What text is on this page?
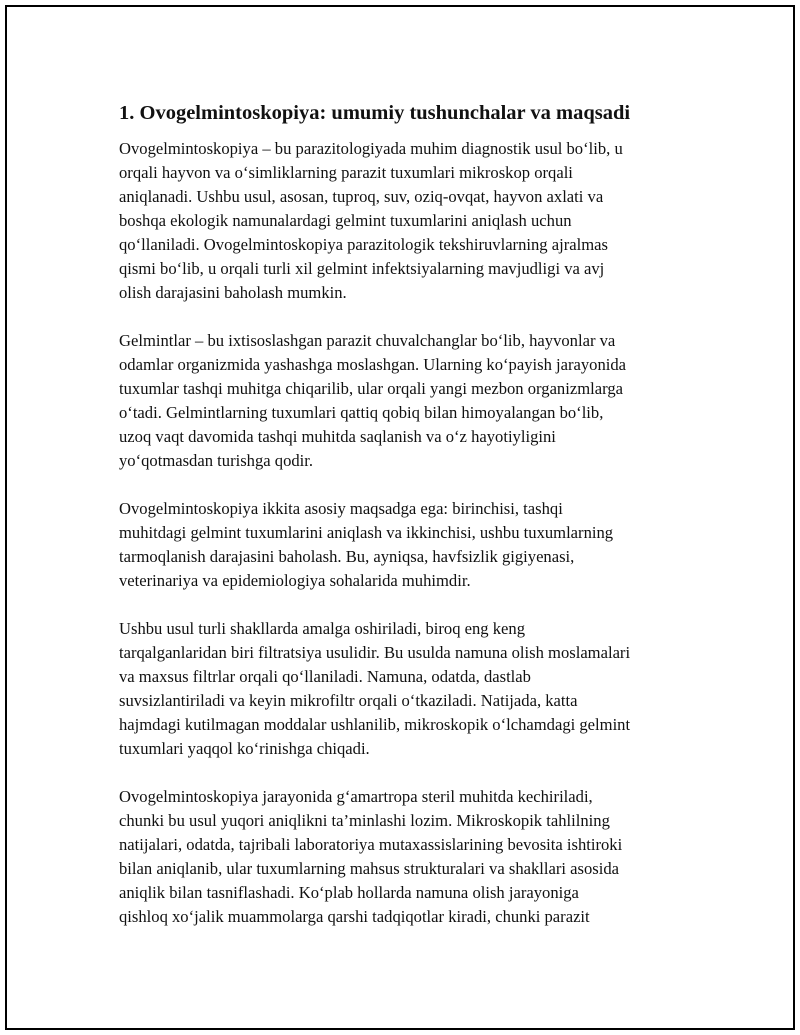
1. Ovogelmintoskopiya: umumiy tushunchalar va maqsadi

Ovogelmintoskopiya – bu parazitologiyada muhim diagnostik usul bo‘lib, u
orqali hayvon va o‘simliklarning parazit tuxumlari mikroskop orqali
aniqlanadi. Ushbu usul, asosan, tuproq, suv, oziq-ovqat, hayvon axlati va
boshqa ekologik namunalardagi gelmint tuxumlarini aniqlash uchun
qo‘llaniladi. Ovogelmintoskopiya parazitologik tekshiruvlarning ajralmas
qismi bo‘lib, u orqali turli xil gelmint infektsiyalarning mavjudligi va avj
olish darajasini baholash mumkin.

Gelmintlar – bu ixtisoslashgan parazit chuvalchanglar bo‘lib, hayvonlar va
odamlar organizmida yashashga moslashgan. Ularning ko‘payish jarayonida
tuxumlar tashqi muhitga chiqarilib, ular orqali yangi mezbon organizmlarga
o‘tadi. Gelmintlarning tuxumlari qattiq qobiq bilan himoyalangan bo‘lib,
uzoq vaqt davomida tashqi muhitda saqlanish va o‘z hayotiyligini
yo‘qotmasdan turishga qodir.

Ovogelmintoskopiya ikkita asosiy maqsadga ega: birinchisi, tashqi
muhitdagi gelmint tuxumlarini aniqlash va ikkinchisi, ushbu tuxumlarning
tarmoqlanish darajasini baholash. Bu, ayniqsa, havfsizlik gigiyenasi,
veterinariya va epidemiologiya sohalarida muhimdir.

Ushbu usul turli shakllarda amalga oshiriladi, biroq eng keng
tarqalganlaridan biri filtratsiya usulidir. Bu usulda namuna olish moslamalari
va maxsus filtrlar orqali qo‘llaniladi. Namuna, odatda, dastlab
suvsizlantiriladi va keyin mikrofiltr orqali o‘tkaziladi. Natijada, katta
hajmdagi kutilmagan moddalar ushlanilib, mikroskopik o‘lchamdagi gelmint
tuxumlari yaqqol ko‘rinishga chiqadi.

Ovogelmintoskopiya jarayonida g‘amartropa steril muhitda kechiriladi,
chunki bu usul yuqori aniqlikni ta’minlashi lozim. Mikroskopik tahlilning
natijalari, odatda, tajribali laboratoriya mutaxassislarining bevosita ishtiroki
bilan aniqlanib, ular tuxumlarning mahsus strukturalari va shakllari asosida
aniqlik bilan tasniflashadi. Ko‘plab hollarda namuna olish jarayoniga
qishloq xo‘jalik muammolarga qarshi tadqiqotlar kiradi, chunki parazit
